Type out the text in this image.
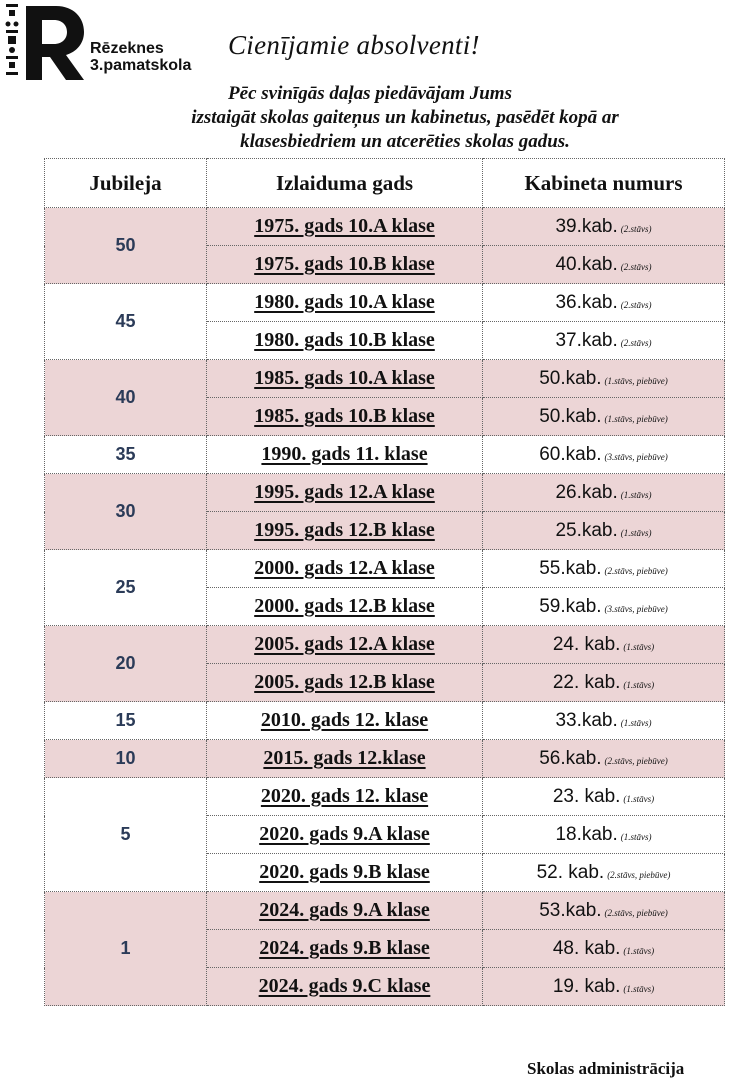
Rēzeknes
3.pamatskola
Cienījamie absolventi!
Pēc svinīgās daļas piedāvājam Jums
izstaigāt skolas gaiteņus un kabinetus, pasēdēt kopā ar
klasesbiedriem un atcerēties skolas gadus.
Jubileja	Izlaiduma gads	Kabineta numurs
50	1975. gads 10.A klase	39.kab. (2.stāvs)
	1975. gads 10.B klase	40.kab. (2.stāvs)
45	1980. gads 10.A klase	36.kab. (2.stāvs)
	1980. gads 10.B klase	37.kab. (2.stāvs)
40	1985. gads 10.A klase	50.kab. (1.stāvs, piebūve)
	1985. gads 10.B klase	50.kab. (1.stāvs, piebūve)
35	1990. gads 11. klase	60.kab. (3.stāvs, piebūve)
30	1995. gads 12.A klase	26.kab. (1.stāvs)
	1995. gads 12.B klase	25.kab. (1.stāvs)
25	2000. gads 12.A klase	55.kab. (2.stāvs, piebūve)
	2000. gads 12.B klase	59.kab. (3.stāvs, piebūve)
20	2005. gads 12.A klase	24. kab. (1.stāvs)
	2005. gads 12.B klase	22. kab. (1.stāvs)
15	2010. gads 12. klase	33.kab. (1.stāvs)
10	2015. gads 12.klase	56.kab. (2.stāvs, piebūve)
5	2020. gads 12. klase	23. kab. (1.stāvs)
	2020. gads 9.A klase	18.kab. (1.stāvs)
	2020. gads 9.B klase	52. kab. (2.stāvs, piebūve)
1	2024. gads 9.A klase	53.kab. (2.stāvs, piebūve)
	2024. gads 9.B klase	48. kab. (1.stāvs)
	2024. gads 9.C klase	19. kab. (1.stāvs)
Skolas administrācija
